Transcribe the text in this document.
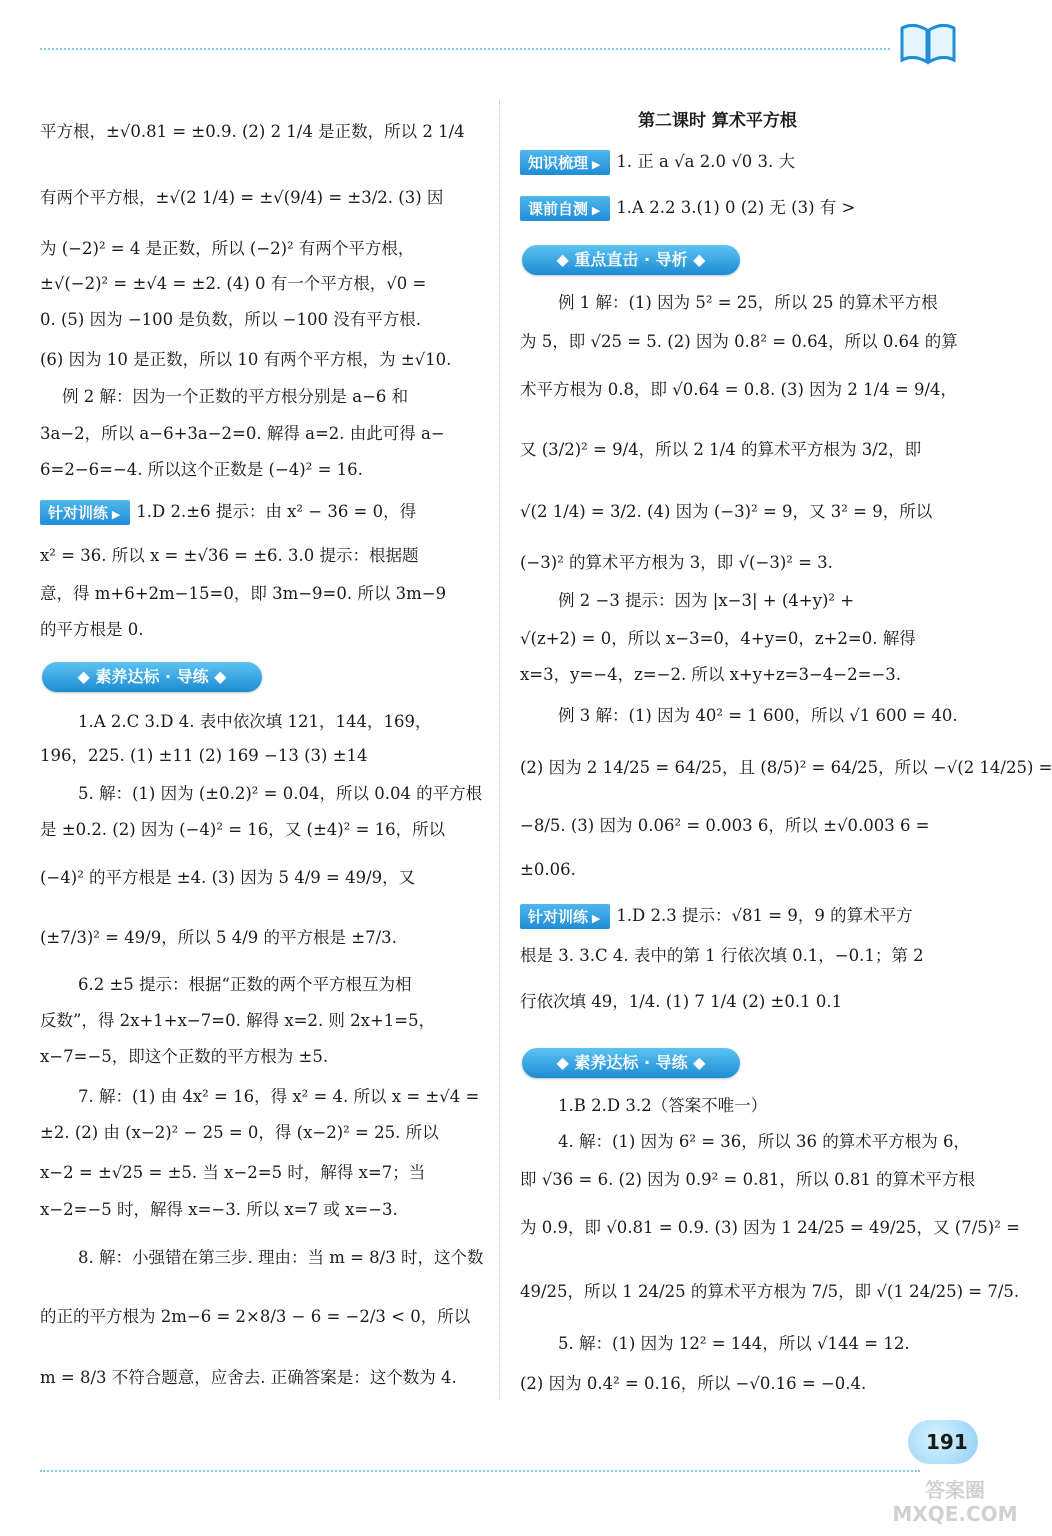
平方根，±√0.81 = ±0.9. (2) 2 1/4 是正数，所以 2 1/4
有两个平方根，±√(2 1/4) = ±√(9/4) = ±3/2. (3) 因
为 (−2)² = 4 是正数，所以 (−2)² 有两个平方根，
±√(−2)² = ±√4 = ±2. (4) 0 有一个平方根，√0 =
0. (5) 因为 −100 是负数，所以 −100 没有平方根.
(6) 因为 10 是正数，所以 10 有两个平方根，为 ±√10.
例 2 解：因为一个正数的平方根分别是 a−6 和
3a−2，所以 a−6+3a−2=0. 解得 a=2. 由此可得 a−
6=2−6=−4. 所以这个正数是 (−4)² = 16.
针对训练 ▶ 1.D 2.±6 提示：由 x² − 36 = 0，得
x² = 36. 所以 x = ±√36 = ±6. 3.0 提示：根据题
意，得 m+6+2m−15=0，即 3m−9=0. 所以 3m−9
的平方根是 0.
◆ 素养达标 · 导练 ◆
1.A 2.C 3.D 4. 表中依次填 121，144，169，
196，225. (1) ±11 (2) 169 −13 (3) ±14
5. 解：(1) 因为 (±0.2)² = 0.04，所以 0.04 的平方根
是 ±0.2. (2) 因为 (−4)² = 16，又 (±4)² = 16，所以
(−4)² 的平方根是 ±4. (3) 因为 5 4/9 = 49/9，又
(±7/3)² = 49/9，所以 5 4/9 的平方根是 ±7/3.
6.2 ±5 提示：根据“正数的两个平方根互为相
反数”，得 2x+1+x−7=0. 解得 x=2. 则 2x+1=5，
x−7=−5，即这个正数的平方根为 ±5.
7. 解：(1) 由 4x² = 16，得 x² = 4. 所以 x = ±√4 =
±2. (2) 由 (x−2)² − 25 = 0，得 (x−2)² = 25. 所以
x−2 = ±√25 = ±5. 当 x−2=5 时，解得 x=7；当
x−2=−5 时，解得 x=−3. 所以 x=7 或 x=−3.
8. 解：小强错在第三步. 理由：当 m = 8/3 时，这个数
的正的平方根为 2m−6 = 2×8/3 − 6 = −2/3 < 0，所以
m = 8/3 不符合题意，应舍去. 正确答案是：这个数为 4.
第二课时 算术平方根
知识梳理 ▶ 1. 正 a √a 2.0 √0 3. 大
课前自测 ▶ 1.A 2.2 3.(1) 0 (2) 无 (3) 有 >
◆ 重点直击 · 导析 ◆
例 1 解：(1) 因为 5² = 25，所以 25 的算术平方根
为 5，即 √25 = 5. (2) 因为 0.8² = 0.64，所以 0.64 的算
术平方根为 0.8，即 √0.64 = 0.8. (3) 因为 2 1/4 = 9/4，
又 (3/2)² = 9/4，所以 2 1/4 的算术平方根为 3/2，即
√(2 1/4) = 3/2. (4) 因为 (−3)² = 9，又 3² = 9，所以
(−3)² 的算术平方根为 3，即 √(−3)² = 3.
例 2 −3 提示：因为 |x−3| + (4+y)² +
√(z+2) = 0，所以 x−3=0，4+y=0，z+2=0. 解得
x=3，y=−4，z=−2. 所以 x+y+z=3−4−2=−3.
例 3 解：(1) 因为 40² = 1 600，所以 √1 600 = 40.
(2) 因为 2 14/25 = 64/25，且 (8/5)² = 64/25，所以 −√(2 14/25) =
−8/5. (3) 因为 0.06² = 0.003 6，所以 ±√0.003 6 =
±0.06.
针对训练 ▶ 1.D 2.3 提示：√81 = 9，9 的算术平方
根是 3. 3.C 4. 表中的第 1 行依次填 0.1，−0.1；第 2
行依次填 49，1/4. (1) 7 1/4 (2) ±0.1 0.1
◆ 素养达标 · 导练 ◆
1.B 2.D 3.2（答案不唯一）
4. 解：(1) 因为 6² = 36，所以 36 的算术平方根为 6，
即 √36 = 6. (2) 因为 0.9² = 0.81，所以 0.81 的算术平方根
为 0.9，即 √0.81 = 0.9. (3) 因为 1 24/25 = 49/25，又 (7/5)² =
49/25，所以 1 24/25 的算术平方根为 7/5，即 √(1 24/25) = 7/5.
5. 解：(1) 因为 12² = 144，所以 √144 = 12.
(2) 因为 0.4² = 0.16，所以 −√0.16 = −0.4.
191
答案圈 MXQE.COM
